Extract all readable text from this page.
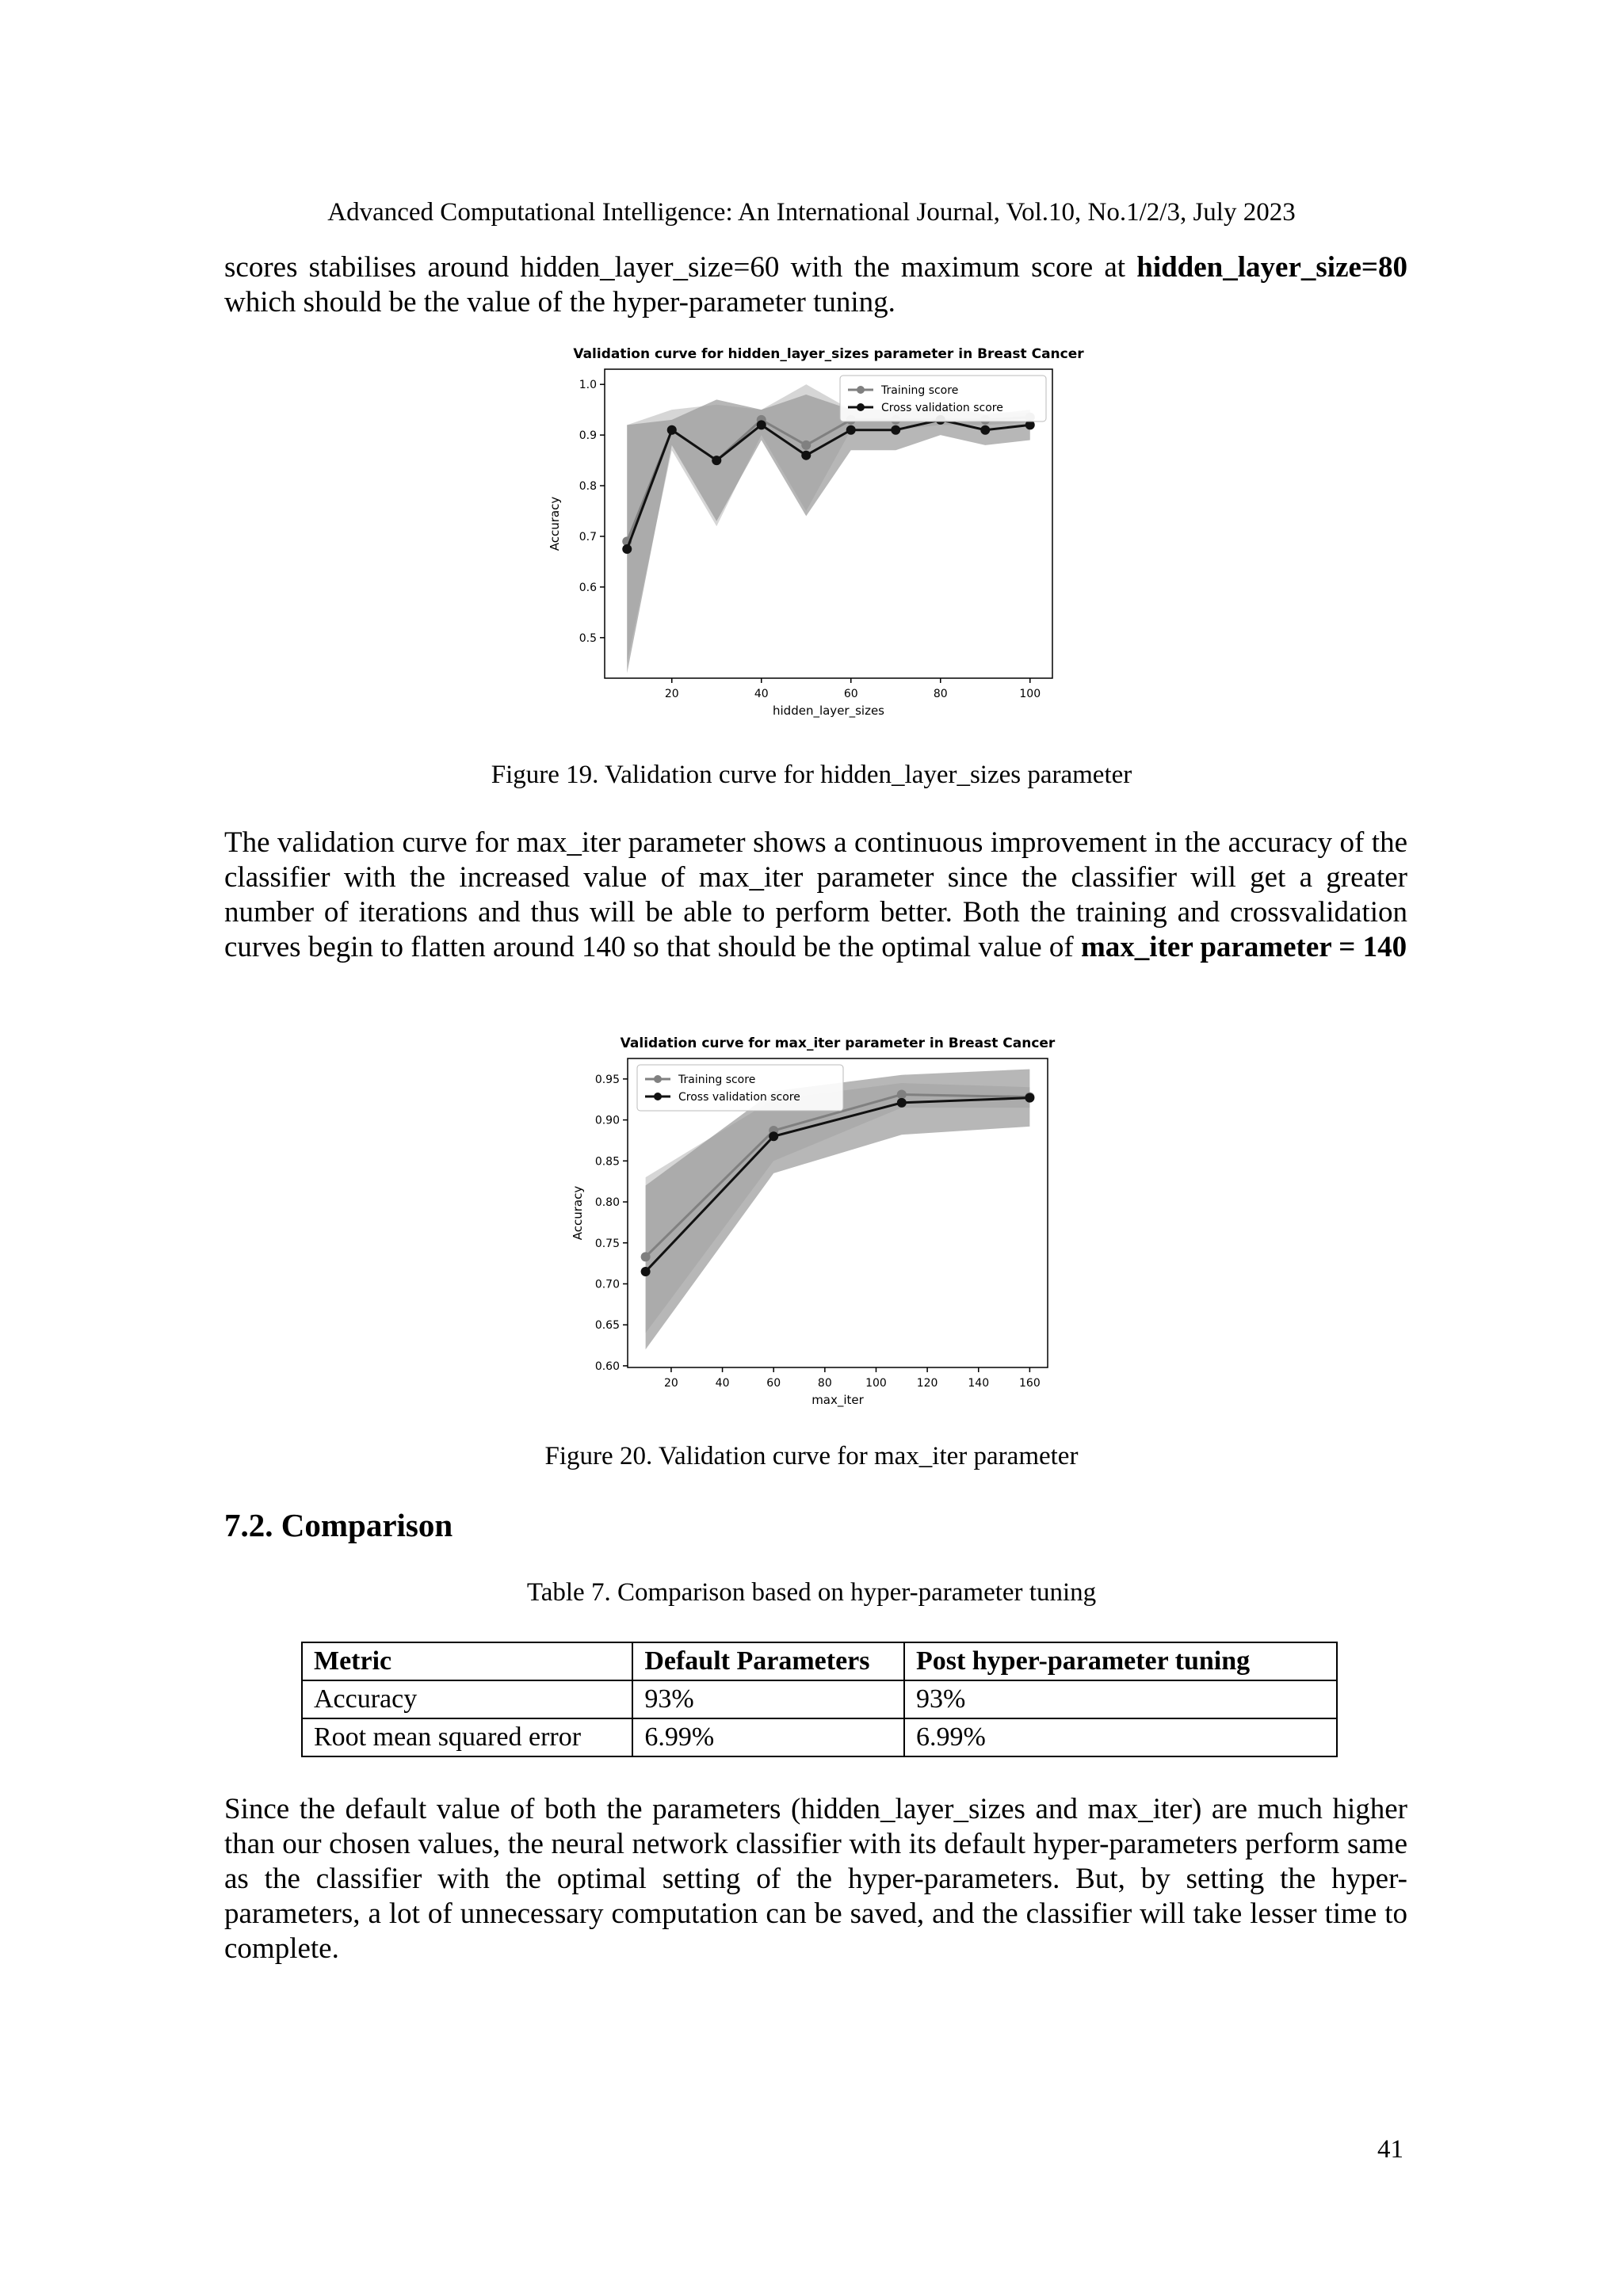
Advanced Computational Intelligence: An International Journal, Vol.10, No.1/2/3, July 2023

scores stabilises around hidden_layer_size=60 with the maximum score at hidden_layer_size=80 which should be the value of the hyper-parameter tuning.

Validation curve for hidden_layer_sizes parameter in Breast Cancer
0.5
0.6
0.7
0.8
0.9
1.0
20	40	60	80	100
hidden_layer_sizes
Accuracy
Training score
Cross validation score
Figure 19. Validation curve for hidden_layer_sizes parameter

The validation curve for max_iter parameter shows a continuous improvement in the accuracy of the classifier with the increased value of max_iter parameter since the classifier will get a greater number of iterations and thus will be able to perform better. Both the training and crossvalidation curves begin to flatten around 140 so that should be the optimal value of max_iter parameter = 140

Validation curve for max_iter parameter in Breast Cancer
0.60
0.65
0.70
0.75
0.80
0.85
0.90
0.95
20	40	60	80	100	120	140	160
max_iter
Accuracy
Training score
Cross validation score
Figure 20. Validation curve for max_iter parameter
7.2. Comparison
Table 7. Comparison based on hyper-parameter tuning
Metric	Default Parameters	Post hyper-parameter tuning
Accuracy	93%	93%
Root mean squared error	6.99%	6.99%

Since the default value of both the parameters (hidden_layer_sizes and max_iter) are much higher than our chosen values, the neural network classifier with its default hyper-parameters perform same as the classifier with the optimal setting of the hyper-parameters. But, by setting the hyper-parameters, a lot of unnecessary computation can be saved, and the classifier will take lesser time to complete.

41
